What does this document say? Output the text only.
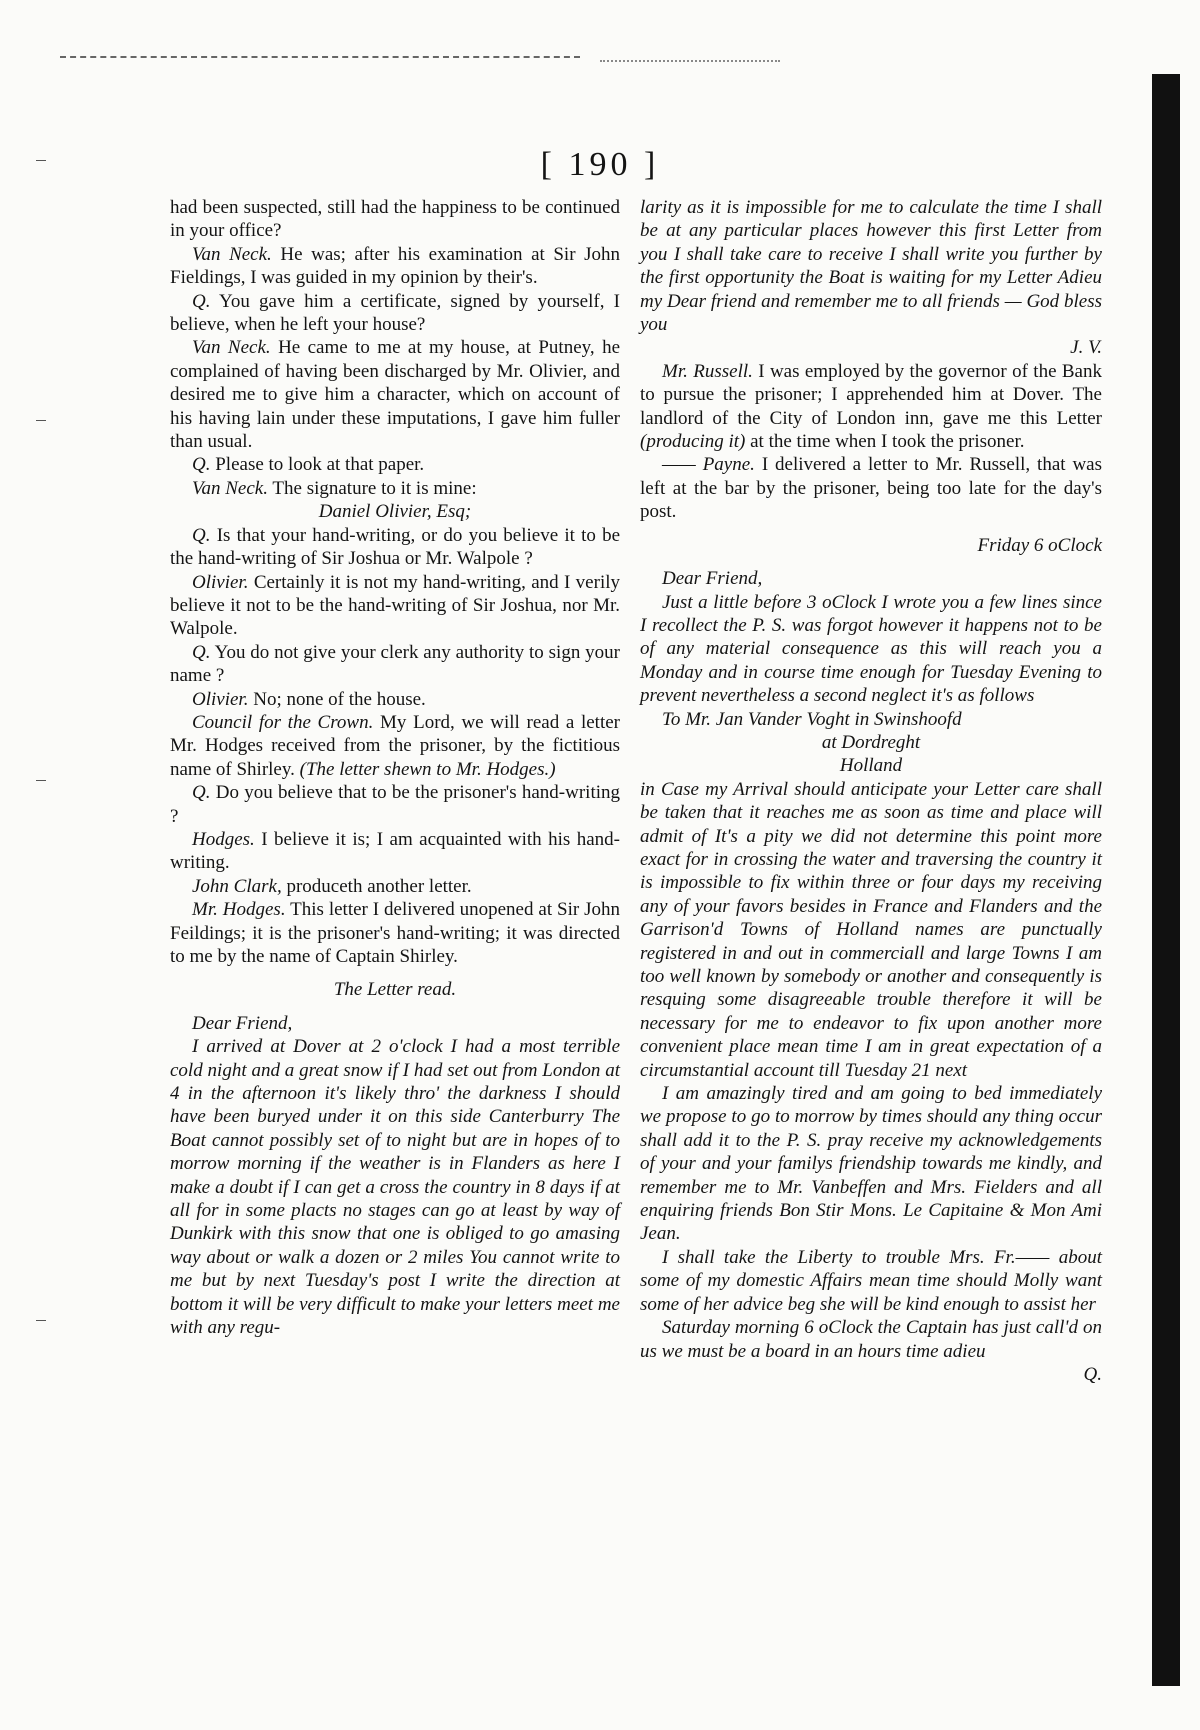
[ 190 ]

had been suspected, still had the happiness to be continued in your office?

Van Neck. He was; after his examination at Sir John Fieldings, I was guided in my opinion by their's.

Q. You gave him a certificate, signed by yourself, I believe, when he left your house?

Van Neck. He came to me at my house, at Putney, he complained of having been discharged by Mr. Olivier, and desired me to give him a character, which on account of his having lain under these imputations, I gave him fuller than usual.

Q. Please to look at that paper.

Van Neck. The signature to it is mine:

Daniel Olivier, Esq;

Q. Is that your hand-writing, or do you believe it to be the hand-writing of Sir Joshua or Mr. Walpole ?

Olivier. Certainly it is not my hand-writing, and I verily believe it not to be the hand-writing of Sir Joshua, nor Mr. Walpole.

Q. You do not give your clerk any authority to sign your name ?

Olivier. No; none of the house.

Council for the Crown. My Lord, we will read a letter Mr. Hodges received from the prisoner, by the fictitious name of Shirley. (The letter shewn to Mr. Hodges.)

Q. Do you believe that to be the prisoner's hand-writing ?

Hodges. I believe it is; I am acquainted with his hand-writing.

John Clark, produceth another letter.

Mr. Hodges. This letter I delivered unopened at Sir John Feildings; it is the prisoner's hand-writing; it was directed to me by the name of Captain Shirley.

The Letter read.

Dear Friend,

I arrived at Dover at 2 o'clock I had a most terrible cold night and a great snow if I had set out from London at 4 in the afternoon it's likely thro' the darkness I should have been buryed under it on this side Canterburry The Boat cannot possibly set of to night but are in hopes of to morrow morning if the weather is in Flanders as here I make a doubt if I can get a cross the country in 8 days if at all for in some placts no stages can go at least by way of Dunkirk with this snow that one is obliged to go amasing way about or walk a dozen or 2 miles You cannot write to me but by next Tuesday's post I write the direction at bottom it will be very difficult to make your letters meet me with any regu-

larity as it is impossible for me to calculate the time I shall be at any particular places however this first Letter from you I shall take care to receive I shall write you further by the first opportunity the Boat is waiting for my Letter Adieu my Dear friend and remember me to all friends — God bless you

J. V.

Mr. Russell. I was employed by the governor of the Bank to pursue the prisoner; I apprehended him at Dover. The landlord of the City of London inn, gave me this Letter (producing it) at the time when I took the prisoner.

—— Payne. I delivered a letter to Mr. Russell, that was left at the bar by the prisoner, being too late for the day's post.

Friday 6 oClock

Dear Friend,

Just a little before 3 oClock I wrote you a few lines since I recollect the P. S. was forgot however it happens not to be of any material consequence as this will reach you a Monday and in course time enough for Tuesday Evening to prevent nevertheless a second neglect it's as follows

To Mr. Jan Vander Voght in Swinshoofd

at Dordreght

Holland

in Case my Arrival should anticipate your Letter care shall be taken that it reaches me as soon as time and place will admit of It's a pity we did not determine this point more exact for in crossing the water and traversing the country it is impossible to fix within three or four days my receiving any of your favors besides in France and Flanders and the Garrison'd Towns of Holland names are punctually registered in and out in commerciall and large Towns I am too well known by somebody or another and consequently is resquing some disagreeable trouble therefore it will be necessary for me to endeavor to fix upon another more convenient place mean time I am in great expectation of a circumstantial account till Tuesday 21 next

I am amazingly tired and am going to bed immediately we propose to go to morrow by times should any thing occur shall add it to the P. S. pray receive my acknowledgements of your and your familys friendship towards me kindly, and remember me to Mr. Vanbeffen and Mrs. Fielders and all enquiring friends Bon Stir Mons. Le Capitaine & Mon Ami Jean.

I shall take the Liberty to trouble Mrs. Fr.—— about some of my domestic Affairs mean time should Molly want some of her advice beg she will be kind enough to assist her

Saturday morning 6 oClock the Captain has just call'd on us we must be a board in an hours time adieu

Q.
